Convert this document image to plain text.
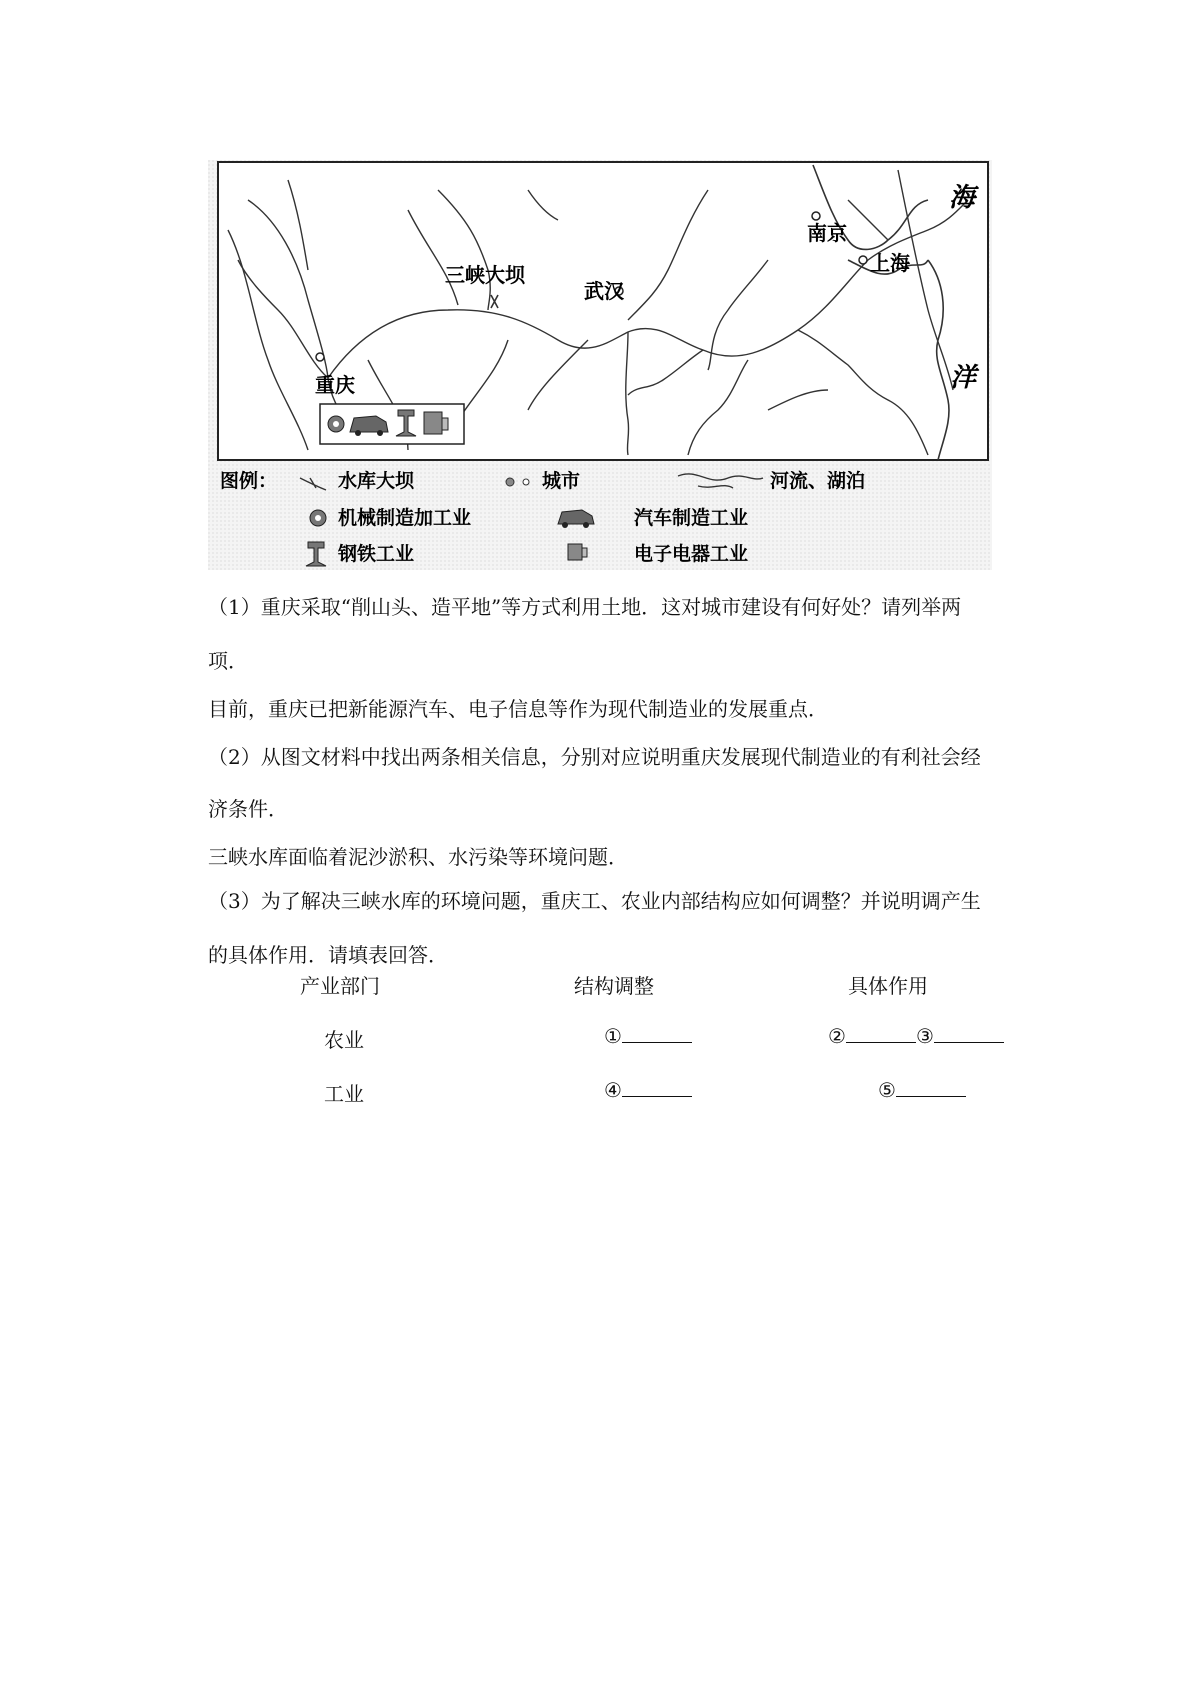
三峡大坝
武汉
南京
上海
重庆
海
洋
图例：	水库大坝	城市	河流、湖泊
机械制造加工业	汽车制造工业
钢铁工业	电子电器工业
（1）重庆采取“削山头、造平地”等方式利用土地．这对城市建设有何好处？请列举两
项．
目前，重庆已把新能源汽车、电子信息等作为现代制造业的发展重点．
（2）从图文材料中找出两条相关信息，分别对应说明重庆发展现代制造业的有利社会经
济条件．
三峡水库面临着泥沙淤积、水污染等环境问题．
（3）为了解决三峡水库的环境问题，重庆工、农业内部结构应如何调整？并说明调产生
的具体作用．请填表回答．
产业部门	结构调整	具体作用
农业	①	②	③
工业	④	⑤
